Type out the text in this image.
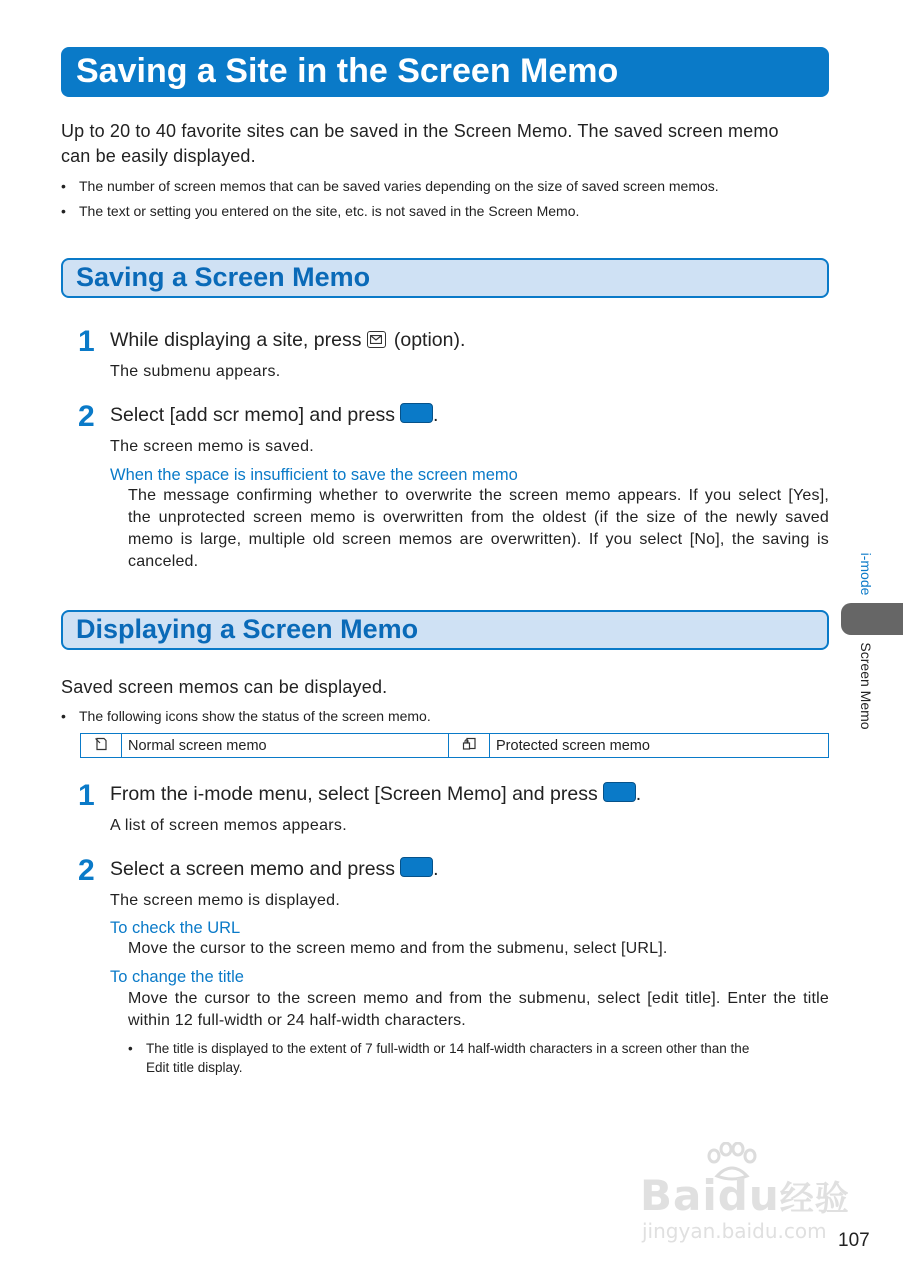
Saving a Site in the Screen Memo
Up to 20 to 40 favorite sites can be saved in the Screen Memo. The saved screen memo
can be easily displayed.
• The number of screen memos that can be saved varies depending on the size of saved screen memos.
• The text or setting you entered on the site, etc. is not saved in the Screen Memo.
Saving a Screen Memo
1 While displaying a site, press (option).
The submenu appears.
2 Select [add scr memo] and press .
The screen memo is saved.
When the space is insufficient to save the screen memo
The message confirming whether to overwrite the screen memo appears. If you select [Yes],
the unprotected screen memo is overwritten from the oldest (if the size of the newly saved
memo is large, multiple old screen memos are overwritten). If you select [No], the saving is
canceled.
Displaying a Screen Memo
Saved screen memos can be displayed.
• The following icons show the status of the screen memo.
	Normal screen memo		Protected screen memo
1 From the i-mode menu, select [Screen Memo] and press .
A list of screen memos appears.
2 Select a screen memo and press .
The screen memo is displayed.
To check the URL
Move the cursor to the screen memo and from the submenu, select [URL].
To change the title
Move the cursor to the screen memo and from the submenu, select [edit title]. Enter the title
within 12 full-width or 24 half-width characters.
• The title is displayed to the extent of 7 full-width or 14 half-width characters in a screen other than the
Edit title display.
i-mode
Screen Memo
Baidu经验
jingyan.baidu.com 107
